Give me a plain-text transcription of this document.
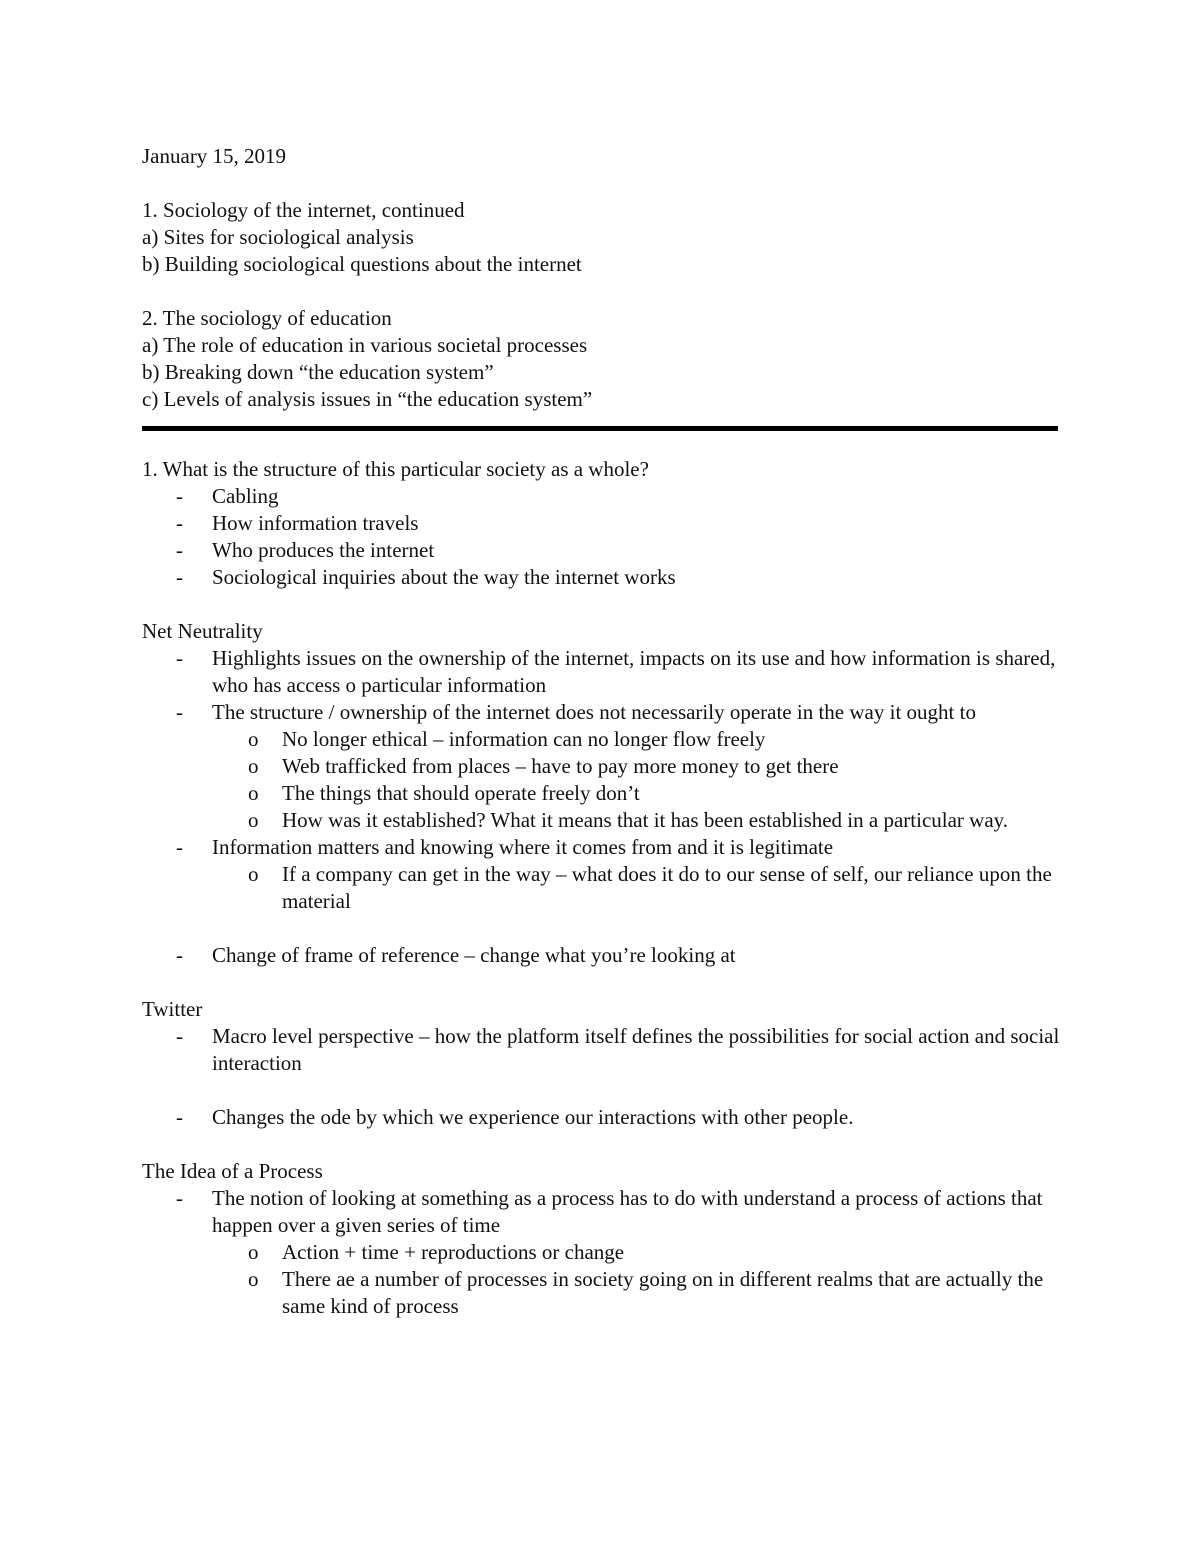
January 15, 2019
1. Sociology of the internet, continued
a) Sites for sociological analysis
b) Building sociological questions about the internet
2. The sociology of education
a) The role of education in various societal processes
b) Breaking down “the education system”
c) Levels of analysis issues in “the education system”
1. What is the structure of this particular society as a whole?
- Cabling
- How information travels
- Who produces the internet
- Sociological inquiries about the way the internet works
Net Neutrality
- Highlights issues on the ownership of the internet, impacts on its use and how information is shared, who has access o particular information
- The structure / ownership of the internet does not necessarily operate in the way it ought to
o No longer ethical – information can no longer flow freely
o Web trafficked from places – have to pay more money to get there
o The things that should operate freely don’t
o How was it established? What it means that it has been established in a particular way.
- Information matters and knowing where it comes from and it is legitimate
o If a company can get in the way – what does it do to our sense of self, our reliance upon the material
- Change of frame of reference – change what you’re looking at
Twitter
- Macro level perspective – how the platform itself defines the possibilities for social action and social interaction
- Changes the ode by which we experience our interactions with other people.
The Idea of a Process
- The notion of looking at something as a process has to do with understand a process of actions that happen over a given series of time
o Action + time + reproductions or change
o There ae a number of processes in society going on in different realms that are actually the same kind of process
